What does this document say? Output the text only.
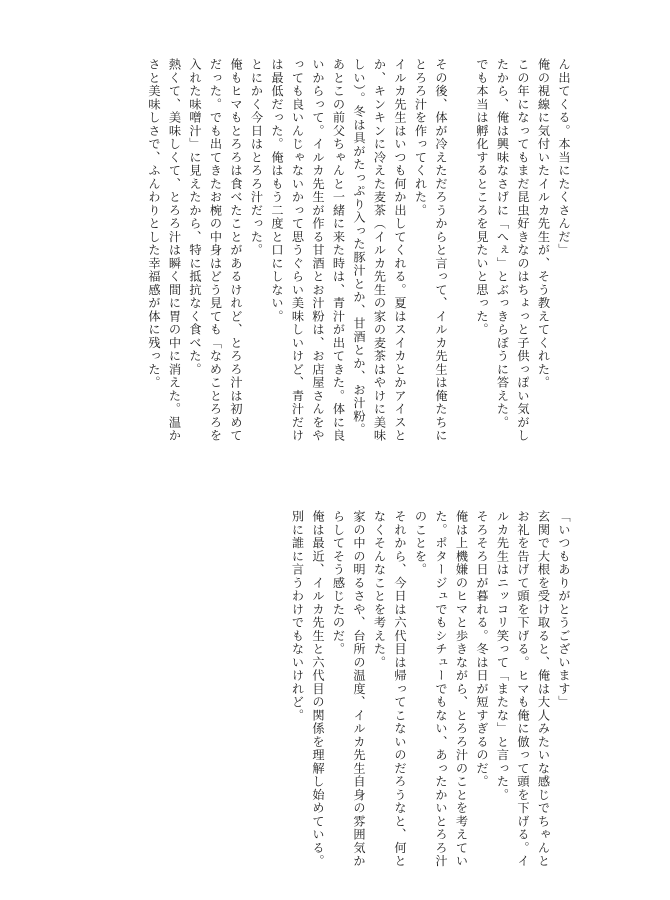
ん出てくる。本当にたくさんだ」

俺の視線に気付いたイルカ先生が、そう教えてくれた。

この年になってもまだ昆虫好きなのはちょっと子供っぽい気がしたから、俺は興味なさげに「へぇ」とぶっきらぼうに答えた。

でも本当は孵化するところを見たいと思った。

その後、体が冷えただろうからと言って、イルカ先生は俺たちにとろろ汁を作ってくれた。

イルカ先生はいつも何か出してくれる。夏はスイカとかアイスとか、キンキンに冷えた麦茶（イルカ先生の家の麦茶はやけに美味しい）。冬は具がたっぷり入った豚汁とか、甘酒とか、お汁粉。あとこの前父ちゃんと一緒に来た時は、青汁が出てきた。体に良いからって。イルカ先生が作る甘酒とお汁粉は、お店屋さんをやっても良いんじゃないかって思うぐらい美味しいけど、青汁だけは最低だった。俺はもう二度と口にしない。

とにかく今日はとろろ汁だった。

俺もヒマもとろろは食べたことがあるけれど、とろろ汁は初めてだった。でも出てきたお椀の中身はどう見ても「なめことろろを入れた味噌汁」に見えたから、特に抵抗なく食べた。

熱くて、美味しくて、とろろ汁は瞬く間に胃の中に消えた。温かさと美味しさで、ふんわりとした幸福感が体に残った。

「いつもありがとうございます」

玄関で大根を受け取ると、俺は大人みたいな感じでちゃんとお礼を告げて頭を下げる。ヒマも俺に倣って頭を下げる。イルカ先生はニッコリ笑って「またな」と言った。

そろそろ日が暮れる。冬は日が短すぎるのだ。

俺は上機嫌のヒマと歩きながら、とろろ汁のことを考えていた。ポタージュでもシチューでもない、あったかいとろろ汁のことを。

それから、今日は六代目は帰ってこないのだろうなと、何となくそんなことを考えた。

家の中の明るさや、台所の温度、イルカ先生自身の雰囲気からしてそう感じたのだ。

俺は最近、イルカ先生と六代目の関係を理解し始めている。別に誰に言うわけでもないけれど。
